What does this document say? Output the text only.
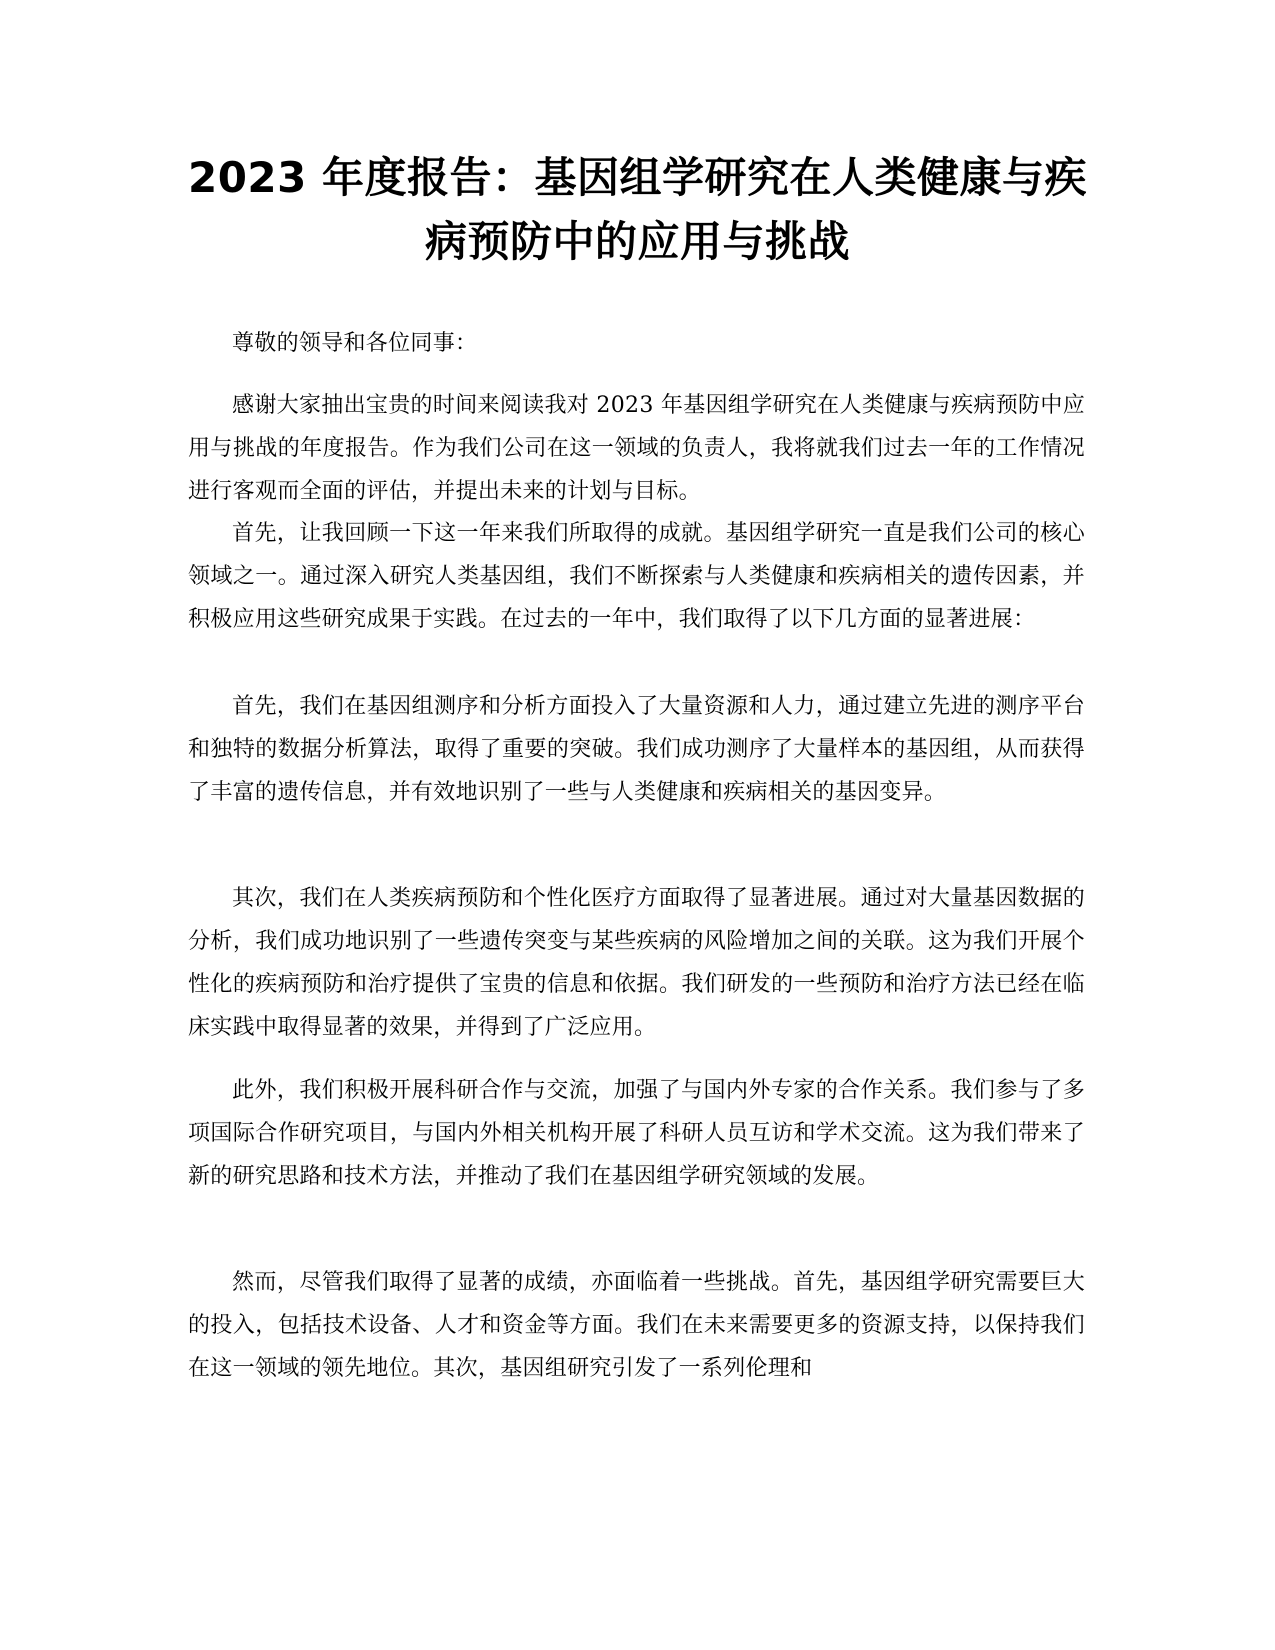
2023 年度报告：基因组学研究在人类健康与疾病预防中的应用与挑战

尊敬的领导和各位同事：

感谢大家抽出宝贵的时间来阅读我对 2023 年基因组学研究在人类健康与疾病预防中应用与挑战的年度报告。作为我们公司在这一领域的负责人，我将就我们过去一年的工作情况进行客观而全面的评估，并提出未来的计划与目标。

首先，让我回顾一下这一年来我们所取得的成就。基因组学研究一直是我们公司的核心领域之一。通过深入研究人类基因组，我们不断探索与人类健康和疾病相关的遗传因素，并积极应用这些研究成果于实践。在过去的一年中，我们取得了以下几方面的显著进展：

首先，我们在基因组测序和分析方面投入了大量资源和人力，通过建立先进的测序平台和独特的数据分析算法，取得了重要的突破。我们成功测序了大量样本的基因组，从而获得了丰富的遗传信息，并有效地识别了一些与人类健康和疾病相关的基因变异。

其次，我们在人类疾病预防和个性化医疗方面取得了显著进展。通过对大量基因数据的分析，我们成功地识别了一些遗传突变与某些疾病的风险增加之间的关联。这为我们开展个性化的疾病预防和治疗提供了宝贵的信息和依据。我们研发的一些预防和治疗方法已经在临床实践中取得显著的效果，并得到了广泛应用。

此外，我们积极开展科研合作与交流，加强了与国内外专家的合作关系。我们参与了多项国际合作研究项目，与国内外相关机构开展了科研人员互访和学术交流。这为我们带来了新的研究思路和技术方法，并推动了我们在基因组学研究领域的发展。

然而，尽管我们取得了显著的成绩，亦面临着一些挑战。首先，基因组学研究需要巨大的投入，包括技术设备、人才和资金等方面。我们在未来需要更多的资源支持，以保持我们在这一领域的领先地位。其次，基因组研究引发了一系列伦理和
